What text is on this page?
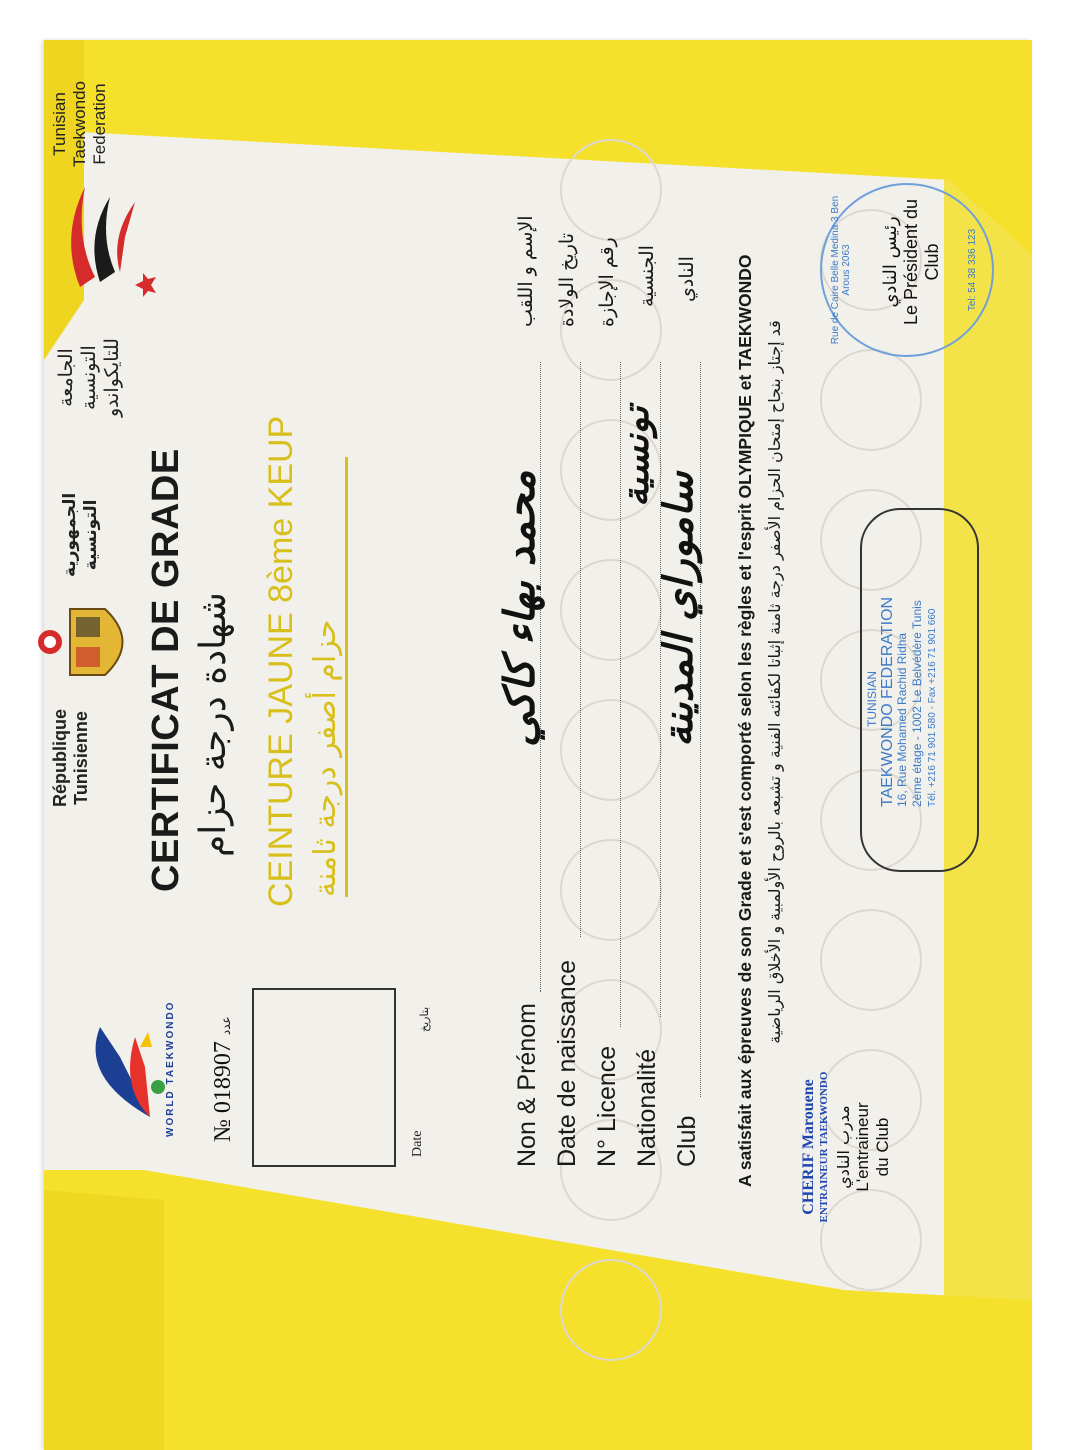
WORLD TAEKWONDO № 018907 عدد
Date
بتاريخ
République Tunisienne
الجمهورية التونسية
الجامعة التونسية للتايكواندو
Tunisian Taekwondo Federation
CERTIFICAT DE GRADE شهادة درجة حزام CEINTURE JAUNE 8ème KEUP حزام أصفر درجة ثامنة
Non & Prénom
محمد بهاء كاكي
الإسم و اللقب
Date de naissance
تاريخ الولادة
N° Licence
رقم الإجازة
Nationalité
تونسية
الجنسية
Club
ساموراي المدينة
النادي A satisfait aux épreuves de son Grade et s'est comporté selon les règles et l'esprit OLYMPIQUE et TAEKWONDO قد إجتاز بنجاح إمتحان الحزام الأصفر درجة ثامنة إثباتا لكفائته الفنية و تشبعه بالروح الأولمبية و الأخلاق الرياضية
CHERIF Marouene ENTRAINEUR TAEKWONDO مدرب النادي L'entraineur du Club
TUNISIAN TAEKWONDO FEDERATION 16, Rue Mohamed Rachid Ridha 2ème étage - 1002 Le Belvédère Tunis Tél. +216 71 901 580 - Fax +216 71 901 660
Rue de Caire Belle Medina 3 Ben Arous 2063	Tel: 54 38 336 123
رئيس النادي Le Président du Club
